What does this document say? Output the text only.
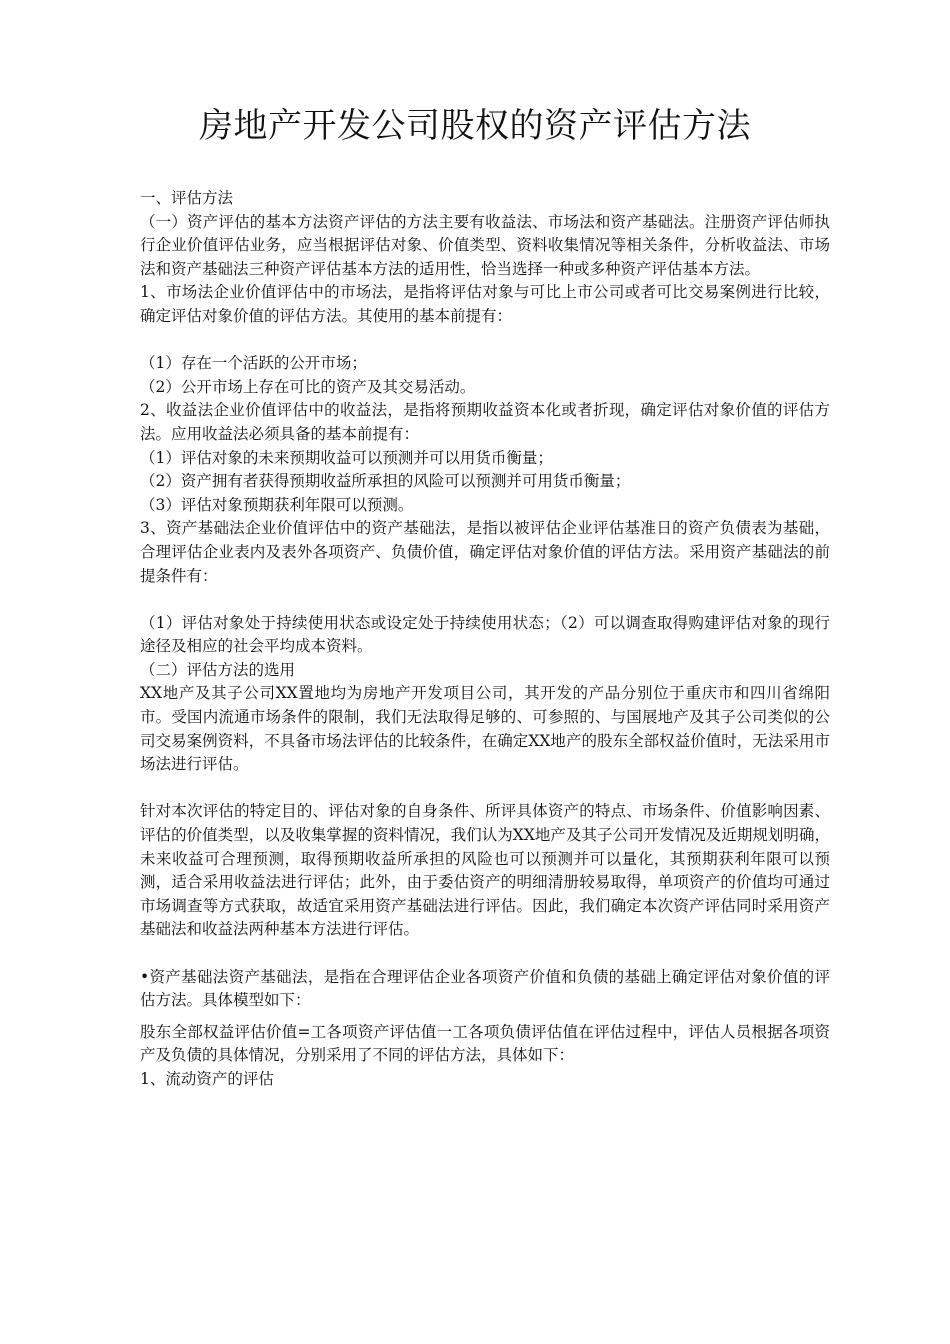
房地产开发公司股权的资产评估方法

一、评估方法

（一）资产评估的基本方法资产评估的方法主要有收益法、市场法和资产基础法。注册资产评估师执行企业价值评估业务，应当根据评估对象、价值类型、资料收集情况等相关条件，分析收益法、市场法和资产基础法三种资产评估基本方法的适用性，恰当选择一种或多种资产评估基本方法。

1、市场法企业价值评估中的市场法，是指将评估对象与可比上市公司或者可比交易案例进行比较，确定评估对象价值的评估方法。其使用的基本前提有：

（1）存在一个活跃的公开市场；

（2）公开市场上存在可比的资产及其交易活动。

2、收益法企业价值评估中的收益法，是指将预期收益资本化或者折现，确定评估对象价值的评估方法。应用收益法必须具备的基本前提有：

（1）评估对象的未来预期收益可以预测并可以用货币衡量；

（2）资产拥有者获得预期收益所承担的风险可以预测并可用货币衡量；

（3）评估对象预期获利年限可以预测。

3、资产基础法企业价值评估中的资产基础法，是指以被评估企业评估基准日的资产负债表为基础，合理评估企业表内及表外各项资产、负债价值，确定评估对象价值的评估方法。采用资产基础法的前提条件有：

（1）评估对象处于持续使用状态或设定处于持续使用状态；（2）可以调查取得购建评估对象的现行途径及相应的社会平均成本资料。

（二）评估方法的选用

XX地产及其子公司XX置地均为房地产开发项目公司，其开发的产品分别位于重庆市和四川省绵阳市。受国内流通市场条件的限制，我们无法取得足够的、可参照的、与国展地产及其子公司类似的公司交易案例资料，不具备市场法评估的比较条件，在确定XX地产的股东全部权益价值时，无法采用市场法进行评估。

针对本次评估的特定目的、评估对象的自身条件、所评具体资产的特点、市场条件、价值影响因素、评估的价值类型，以及收集掌握的资料情况，我们认为XX地产及其子公司开发情况及近期规划明确，未来收益可合理预测，取得预期收益所承担的风险也可以预测并可以量化，其预期获利年限可以预测，适合采用收益法进行评估；此外，由于委估资产的明细清册较易取得，单项资产的价值均可通过市场调查等方式获取，故适宜采用资产基础法进行评估。因此，我们确定本次资产评估同时采用资产基础法和收益法两种基本方法进行评估。

•资产基础法资产基础法，是指在合理评估企业各项资产价值和负债的基础上确定评估对象价值的评估方法。具体模型如下：

股东全部权益评估价值=工各项资产评估值一工各项负债评估值在评估过程中，评估人员根据各项资产及负债的具体情况，分别采用了不同的评估方法，具体如下：

1、流动资产的评估
